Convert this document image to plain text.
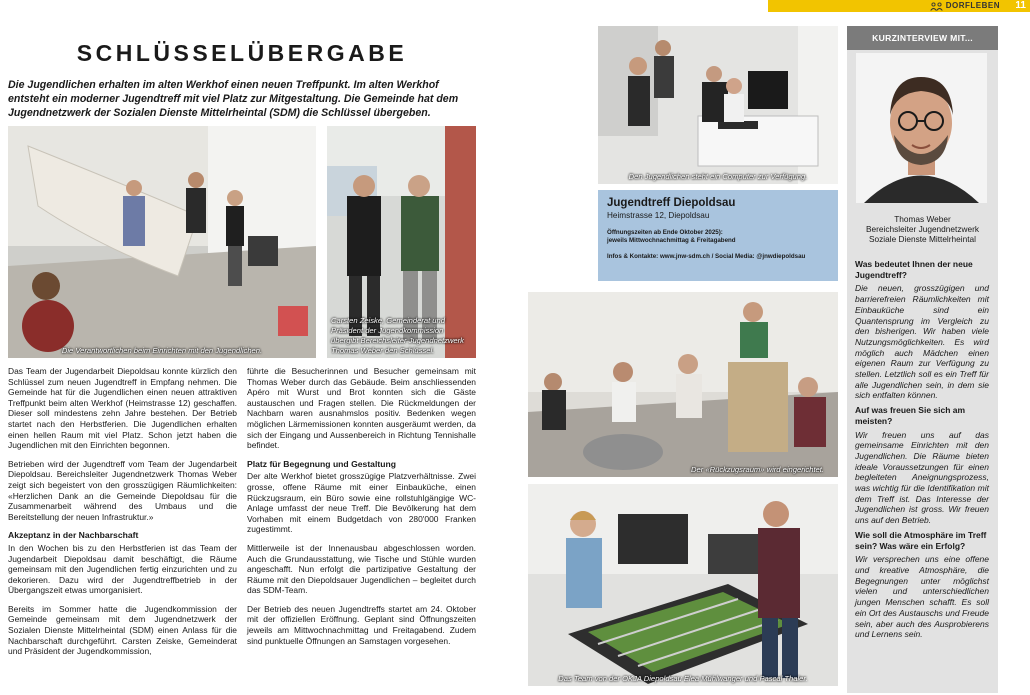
DORFLEBEN 11
SCHLÜSSELÜBERGABE

Die Jugendlichen erhalten im alten Werkhof einen neuen Treffpunkt. Im alten Werkhof entsteht ein moderner Jugendtreff mit viel Platz zur Mitgestaltung. Die Gemeinde hat dem Jugendnetzwerk der Sozialen Dienste Mittelrheintal (SDM) die Schlüssel übergeben.

Die Verantwortlichen beim Einrichten mit den Jugendlichen.
Carsten Zeiske, Gemeinderat und Präsident der Jugendkommission übergibt Bereichsleiter Jugendnetzwerk Thomas Weber den Schlüssel.

Das Team der Jugendarbeit Diepoldsau konnte kürzlich den Schlüssel zum neuen Jugendtreff in Empfang nehmen. Die Gemeinde hat für die Jugendlichen einen neuen attraktiven Treffpunkt beim alten Werkhof (Heimstrasse 12) geschaffen. Dieser soll mindestens zehn Jahre bestehen. Der Betrieb startet nach den Herbstferien. Die Jugendlichen erhalten einen hellen Raum mit viel Platz. Schon jetzt haben die Jugendlichen mit den Einrichten begonnen.

Betrieben wird der Jugendtreff vom Team der Jugendarbeit Diepoldsau. Bereichsleiter Jugendnetzwerk Thomas Weber zeigt sich begeistert von den grosszügigen Räumlichkeiten: «Herzlichen Dank an die Gemeinde Diepoldsau für die Zusammenarbeit während des Umbaus und die Bereitstellung der neuen Infrastruktur.»

Akzeptanz in der Nachbarschaft

In den Wochen bis zu den Herbstferien ist das Team der Jugendarbeit Diepoldsau damit beschäftigt, die Räume gemeinsam mit den Jugendlichen fertig einzurichten und zu dekorieren. Dazu wird der Jugendtreffbetrieb in der Übergangszeit etwas umorganisiert.

Bereits im Sommer hatte die Jugendkommission der Gemeinde gemeinsam mit dem Jugendnetzwerk der Sozialen Dienste Mittelrheintal (SDM) einen Anlass für die Nachbarschaft durchgeführt. Carsten Zeiske, Gemeinderat und Präsident der Jugendkommission,

führte die Besucherinnen und Besucher gemeinsam mit Thomas Weber durch das Gebäude. Beim anschliessenden Apéro mit Wurst und Brot konnten sich die Gäste austauschen und Fragen stellen. Die Rückmeldungen der Nachbarn waren ausnahmslos positiv. Bedenken wegen möglichen Lärmemissionen konnten ausgeräumt werden, da sich der Eingang und Aussenbereich in Richtung Tennishalle befindet.

Platz für Begegnung und Gestaltung

Der alte Werkhof bietet grosszügige Platzverhältnisse. Zwei grosse, offene Räume mit einer Einbauküche, einen Rückzugsraum, ein Büro sowie eine rollstuhlgängige WC-Anlage umfasst der neue Treff. Die Bevölkerung hat dem Vorhaben mit einem Budgetdach von 280'000 Franken zugestimmt.

Mittlerweile ist der Innenausbau abgeschlossen worden. Auch die Grundausstattung, wie Tische und Stühle wurden angeschafft. Nun erfolgt die partizipative Gestaltung der Räume mit den Diepoldsauer Jugendlichen – begleitet durch das SDM-Team.

Der Betrieb des neuen Jugendtreffs startet am 24. Oktober mit der offiziellen Eröffnung. Geplant sind Öffnungszeiten jeweils am Mittwochnachmittag und Freitagabend. Zudem sind punktuelle Öffnungen an Samstagen vorgesehen.

Den Jugendlichen steht ein Computer zur Verfügung.
Jugendtreff Diepoldsau
Heimstrasse 12, Diepoldsau
Öffnungszeiten ab Ende Oktober 2025):
jeweils Mittwochnachmittag & Freitagabend
Infos & Kontakte: www.jnw-sdm.ch / Social Media: @jnwdiepoldsau
Der «Rückzugsraum» wird eingerichtet.
Das Team von der OKJA Diepoldsau Elea Mühlwanger und Pascal Thaler.
KURZINTERVIEW MIT...
Thomas Weber
Bereichsleiter Jugendnetzwerk
Soziale Dienste Mittelrheintal

Was bedeutet Ihnen der neue Jugendtreff?

Die neuen, grosszügigen und barrierefreien Räumlichkeiten mit Einbauküche sind ein Quantensprung im Vergleich zu den bisherigen. Wir haben viele Nutzungsmöglichkeiten. Es wird möglich auch Mädchen einen eigenen Raum zur Verfügung zu stellen. Letztlich soll es ein Treff für alle Jugendlichen sein, in dem sie sich entfalten können.

Auf was freuen Sie sich am meisten?

Wir freuen uns auf das gemeinsame Einrichten mit den Jugendlichen. Die Räume bieten ideale Voraussetzungen für einen begleiteten Aneignungsprozess, was wichtig für die Identifikation mit dem Treff ist. Das Interesse der Jugendlichen ist gross. Wir freuen uns auf den Betrieb.

Wie soll die Atmosphäre im Treff sein? Was wäre ein Erfolg?

Wir versprechen uns eine offene und kreative Atmosphäre, die Begegnungen unter möglichst vielen und unterschiedlichen jungen Menschen schafft. Es soll ein Ort des Austauschs und Freude sein, aber auch des Ausprobierens und Lernens sein.
